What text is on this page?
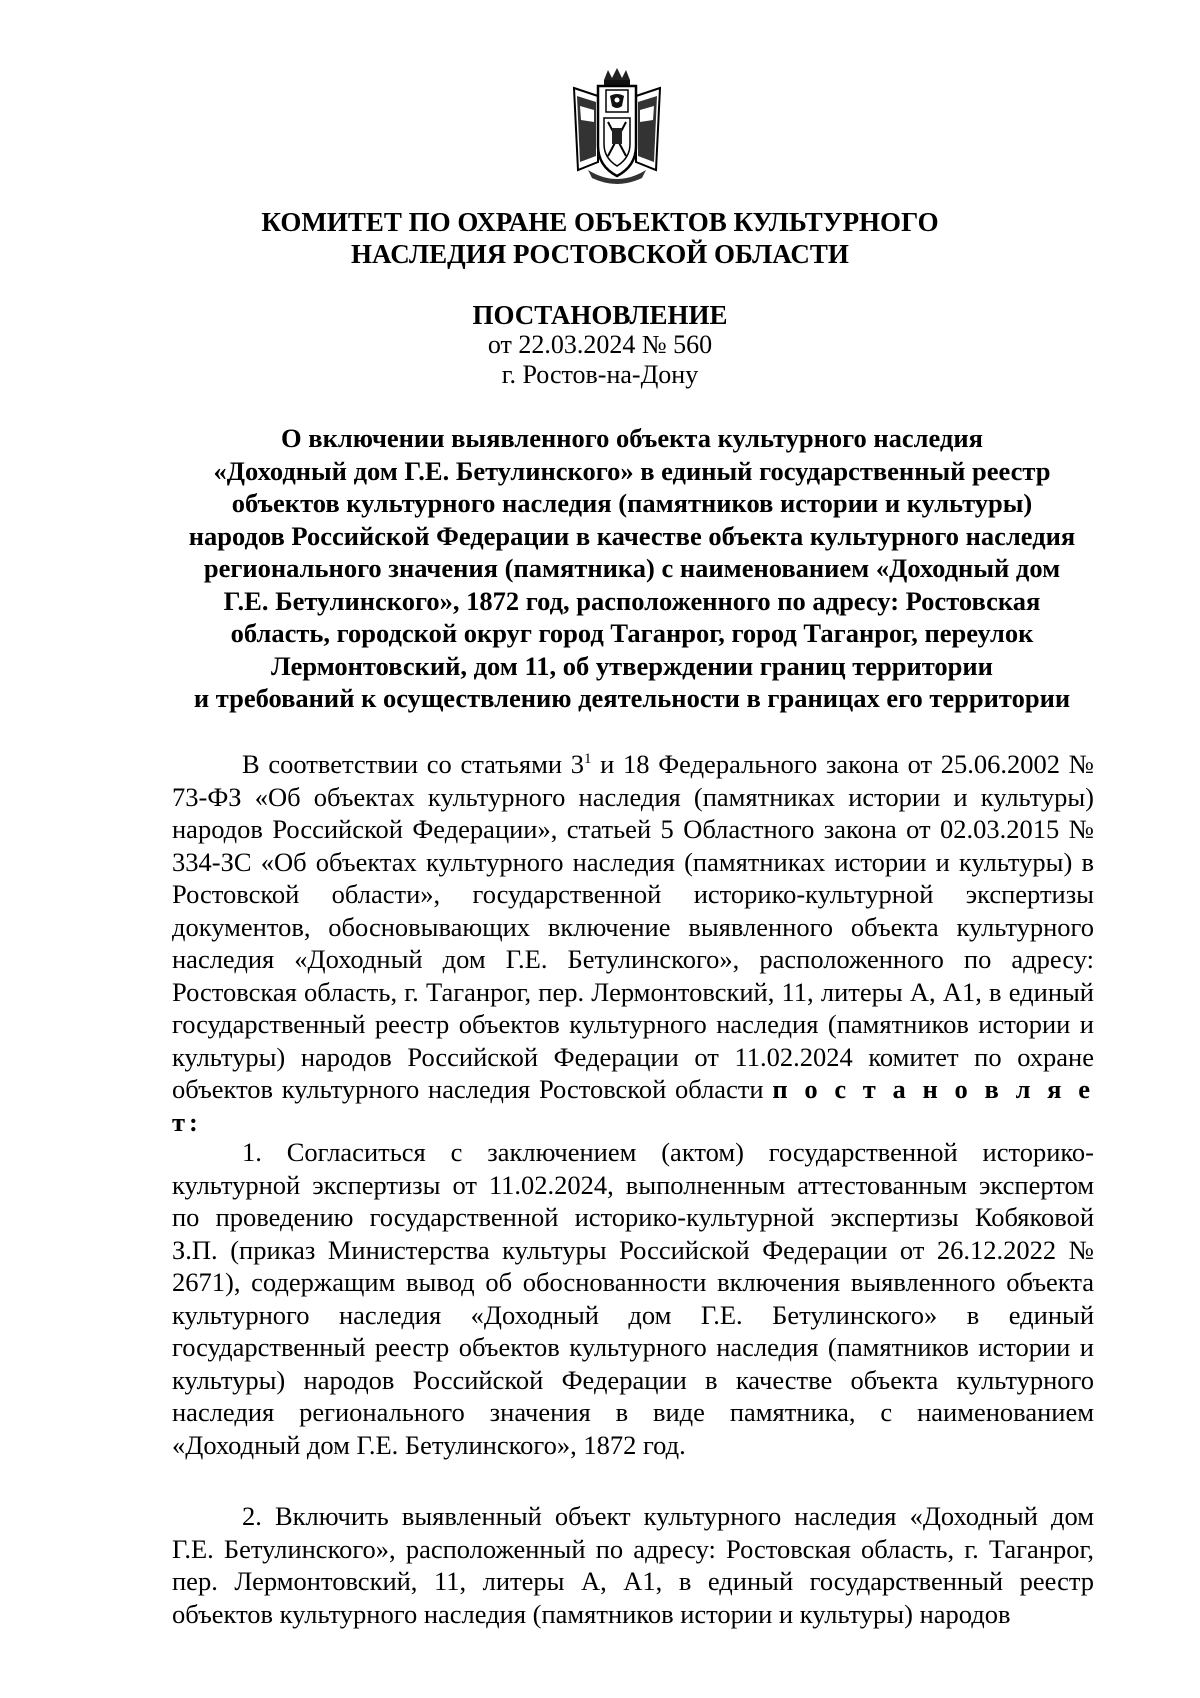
КОМИТЕТ ПО ОХРАНЕ ОБЪЕКТОВ КУЛЬТУРНОГО
НАСЛЕДИЯ РОСТОВСКОЙ ОБЛАСТИ
ПОСТАНОВЛЕНИЕ
от 22.03.2024 № 560
г. Ростов-на-Дону
О включении выявленного объекта культурного наследия
«Доходный дом Г.Е. Бетулинского» в единый государственный реестр
объектов культурного наследия (памятников истории и культуры)
народов Российской Федерации в качестве объекта культурного наследия
регионального значения (памятника) с наименованием «Доходный дом
Г.Е. Бетулинского», 1872 год, расположенного по адресу: Ростовская
область, городской округ город Таганрог, город Таганрог, переулок
Лермонтовский, дом 11, об утверждении границ территории
и требований к осуществлению деятельности в границах его территории
В соответствии со статьями $3^1$ и 18 Федерального закона от 25.06.2002 № 73-ФЗ «Об объектах культурного наследия (памятниках истории и культуры) народов Российской Федерации», статьей 5 Областного закона от 02.03.2015 № 334-ЗС «Об объектах культурного наследия (памятниках истории и культуры) в Ростовской области», государственной историко-культурной экспертизы документов, обосновывающих включение выявленного объекта культурного наследия «Доходный дом Г.Е. Бетулинского», расположенного по адресу: Ростовская область, г. Таганрог, пер. Лермонтовский, 11, литеры А, А1, в единый государственный реестр объектов культурного наследия (памятников истории и культуры) народов Российской Федерации от 11.02.2024 комитет по охране объектов культурного наследия Ростовской области п о с т а н о в л я е т:
1. Согласиться с заключением (актом) государственной историко-культурной экспертизы от 11.02.2024, выполненным аттестованным экспертом по проведению государственной историко-культурной экспертизы Кобяковой З.П. (приказ Министерства культуры Российской Федерации от 26.12.2022 № 2671), содержащим вывод об обоснованности включения выявленного объекта культурного наследия «Доходный дом Г.Е. Бетулинского» в единый государственный реестр объектов культурного наследия (памятников истории и культуры) народов Российской Федерации в качестве объекта культурного наследия регионального значения в виде памятника, с наименованием «Доходный дом Г.Е. Бетулинского», 1872 год.
2. Включить выявленный объект культурного наследия «Доходный дом Г.Е. Бетулинского», расположенный по адресу: Ростовская область, г. Таганрог, пер. Лермонтовский, 11, литеры А, А1, в единый государственный реестр объектов культурного наследия (памятников истории и культуры) народов
